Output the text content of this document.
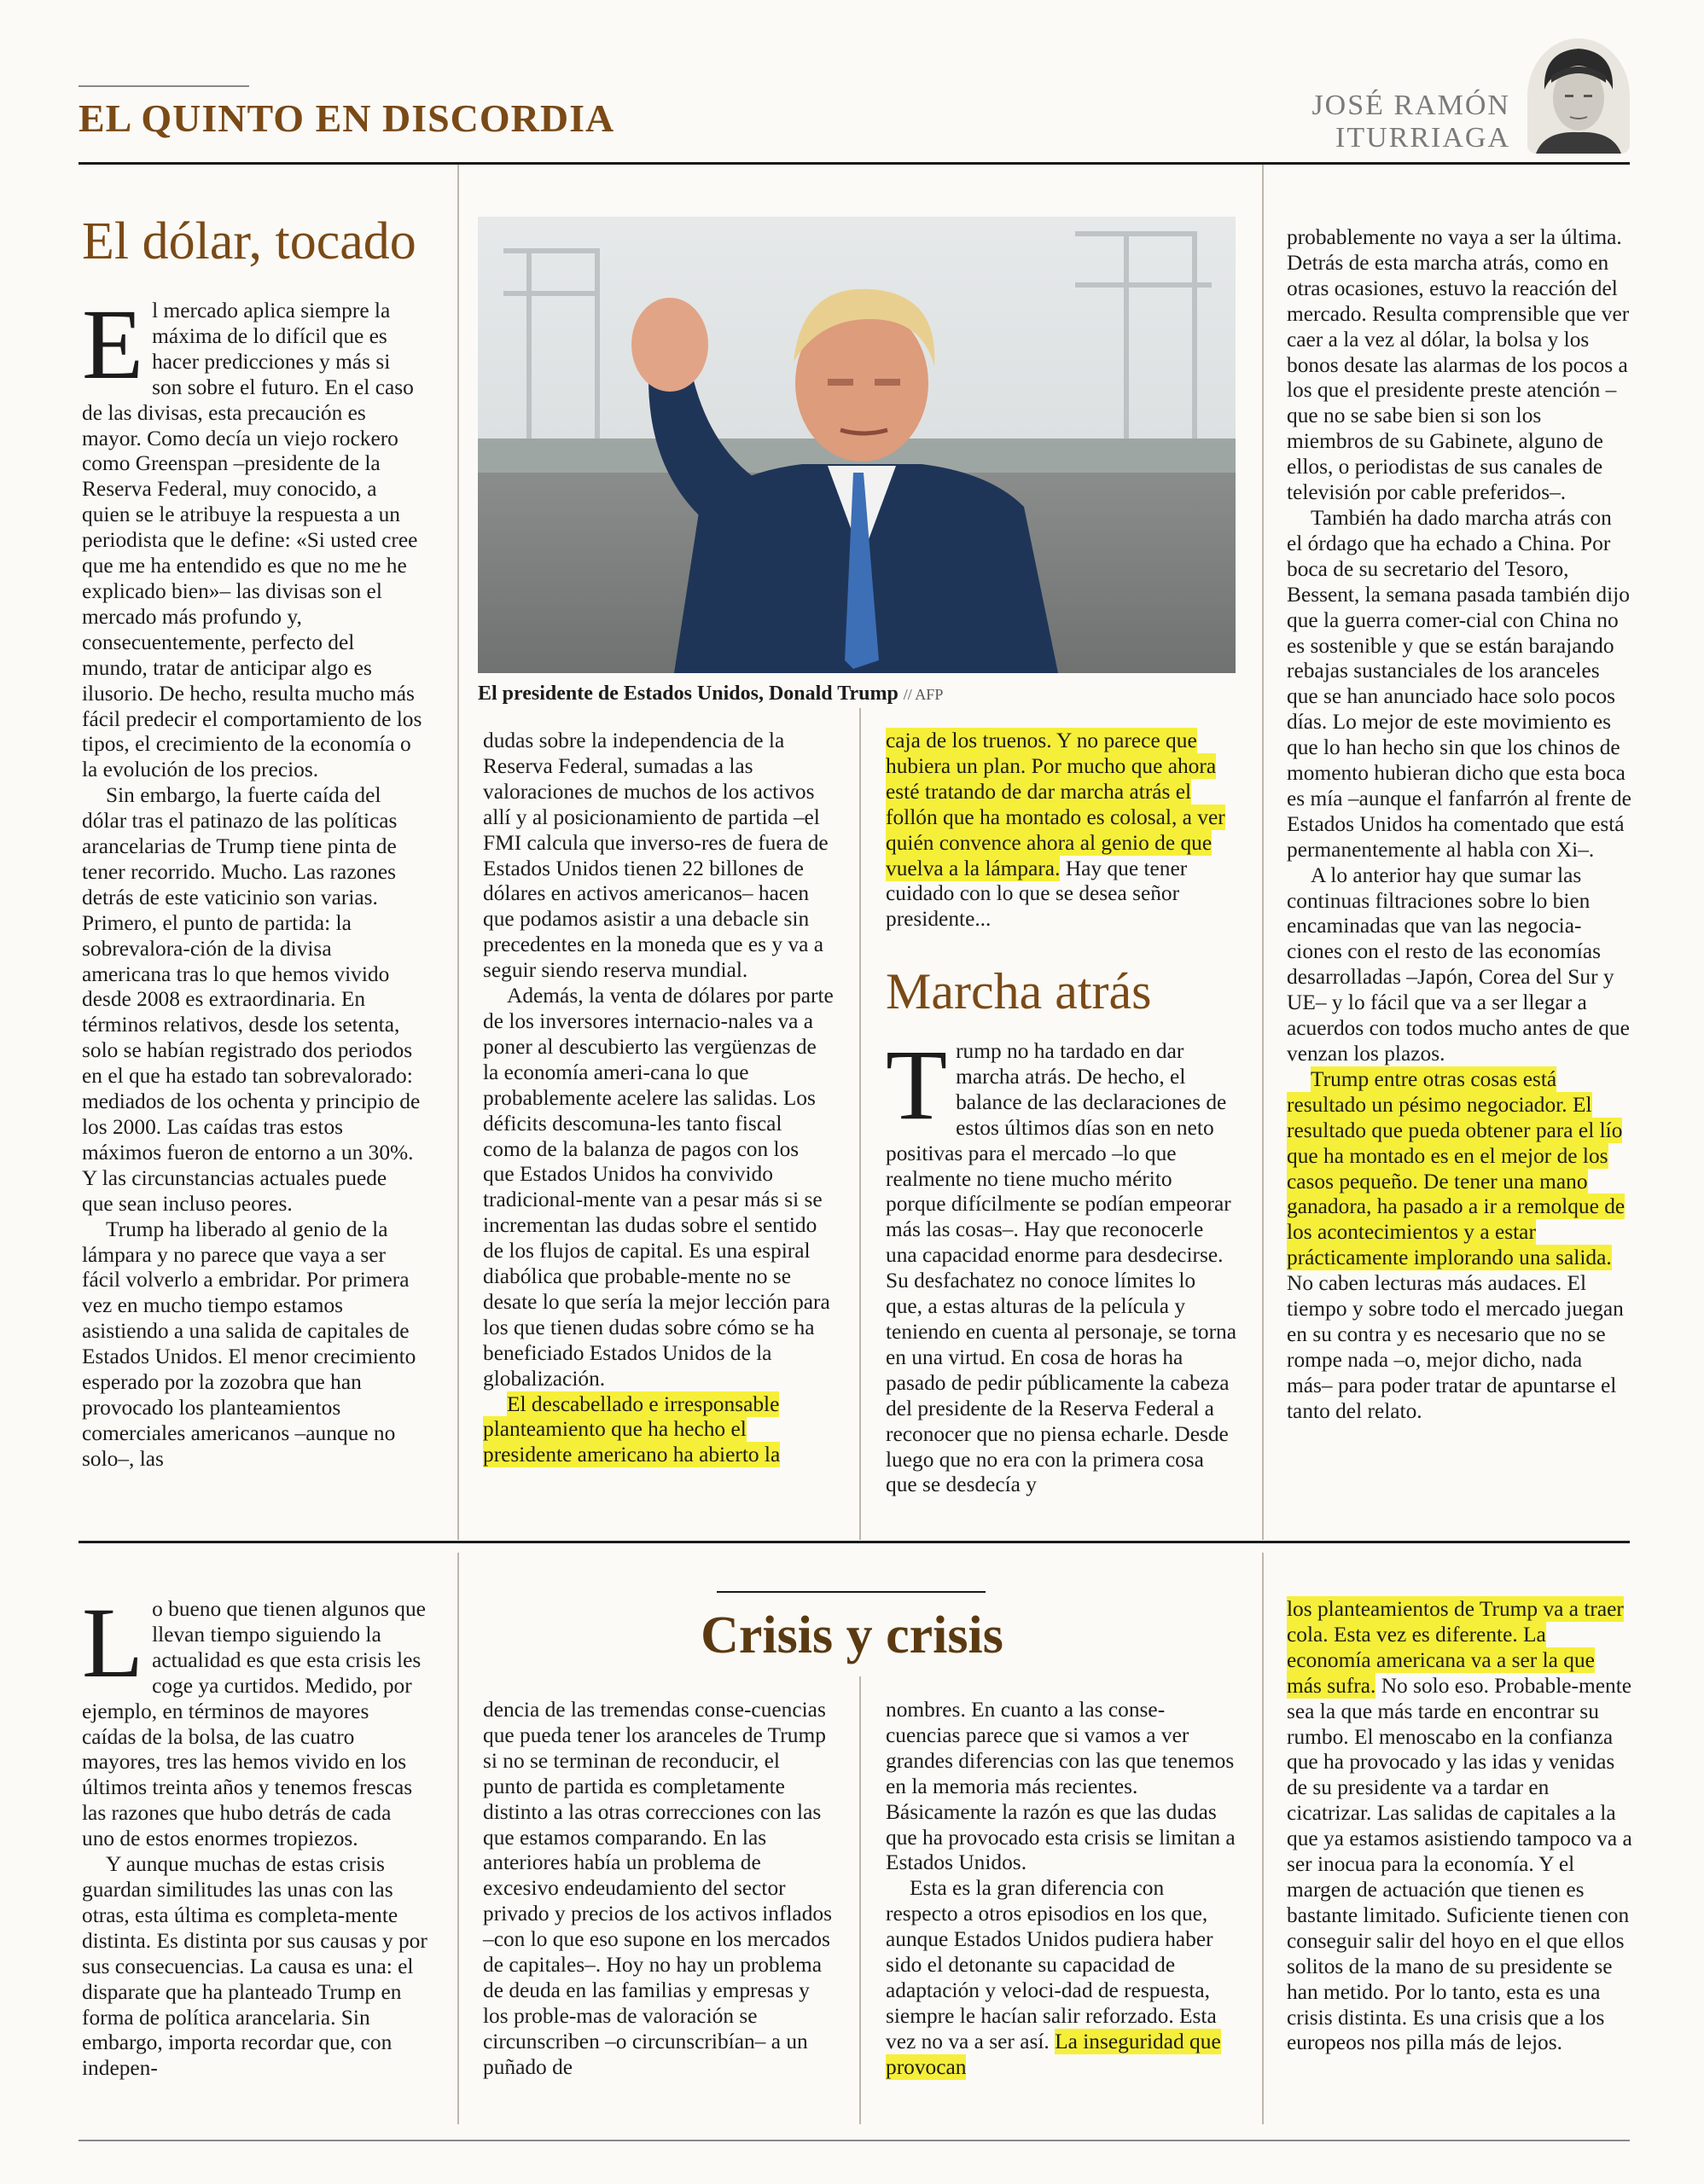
EL QUINTO EN DISCORDIA	JOSÉ RAMÓN
ITURRIAGA
El dólar, tocado

El mercado aplica siempre la máxima de lo difícil que es hacer predicciones y más si son sobre el futuro. En el caso de las divisas, esta precaución es mayor. Como decía un viejo rockero como Greenspan –presidente de la Reserva Federal, muy conocido, a quien se le atribuye la respuesta a un periodista que le define: «Si usted cree que me ha entendido es que no me he explicado bien»– las divisas son el mercado más profundo y, consecuentemente, perfecto del mundo, tratar de anticipar algo es ilusorio. De hecho, resulta mucho más fácil predecir el comportamiento de los tipos, el crecimiento de la economía o la evolución de los precios.

Sin embargo, la fuerte caída del dólar tras el patinazo de las políticas arancelarias de Trump tiene pinta de tener recorrido. Mucho. Las razones detrás de este vaticinio son varias. Primero, el punto de partida: la sobrevalora-ción de la divisa americana tras lo que hemos vivido desde 2008 es extraordinaria. En términos relativos, desde los setenta, solo se habían registrado dos periodos en el que ha estado tan sobrevalorado: mediados de los ochenta y principio de los 2000. Las caídas tras estos máximos fueron de entorno a un 30%. Y las circunstancias actuales puede que sean incluso peores.

Trump ha liberado al genio de la lámpara y no parece que vaya a ser fácil volverlo a embridar. Por primera vez en mucho tiempo estamos asistiendo a una salida de capitales de Estados Unidos. El menor crecimiento esperado por la zozobra que han provocado los planteamientos comerciales americanos –aunque no solo–, las

El presidente de Estados Unidos, Donald Trump // AFP

dudas sobre la independencia de la Reserva Federal, sumadas a las valoraciones de muchos de los activos allí y al posicionamiento de partida –el FMI calcula que inverso-res de fuera de Estados Unidos tienen 22 billones de dólares en activos americanos– hacen que podamos asistir a una debacle sin precedentes en la moneda que es y va a seguir siendo reserva mundial.

Además, la venta de dólares por parte de los inversores internacio-nales va a poner al descubierto las vergüenzas de la economía ameri-cana lo que probablemente acelere las salidas. Los déficits descomuna-les tanto fiscal como de la balanza de pagos con los que Estados Unidos ha convivido tradicional-mente van a pesar más si se incrementan las dudas sobre el sentido de los flujos de capital. Es una espiral diabólica que probable-mente no se desate lo que sería la mejor lección para los que tienen dudas sobre cómo se ha beneficiado Estados Unidos de la globalización.

El descabellado e irresponsable planteamiento que ha hecho el presidente americano ha abierto la

caja de los truenos. Y no parece que hubiera un plan. Por mucho que ahora esté tratando de dar marcha atrás el follón que ha montado es colosal, a ver quién convence ahora al genio de que vuelva a la lámpara. Hay que tener cuidado con lo que se desea señor presidente...

Marcha atrás

Trump no ha tardado en dar marcha atrás. De hecho, el balance de las declaraciones de estos últimos días son en neto positivas para el mercado –lo que realmente no tiene mucho mérito porque difícilmente se podían empeorar más las cosas–. Hay que reconocerle una capacidad enorme para desdecirse. Su desfachatez no conoce límites lo que, a estas alturas de la película y teniendo en cuenta al personaje, se torna en una virtud. En cosa de horas ha pasado de pedir públicamente la cabeza del presidente de la Reserva Federal a reconocer que no piensa echarle. Desde luego que no era con la primera cosa que se desdecía y

probablemente no vaya a ser la última. Detrás de esta marcha atrás, como en otras ocasiones, estuvo la reacción del mercado. Resulta comprensible que ver caer a la vez al dólar, la bolsa y los bonos desate las alarmas de los pocos a los que el presidente preste atención –que no se sabe bien si son los miembros de su Gabinete, alguno de ellos, o periodistas de sus canales de televisión por cable preferidos–.

También ha dado marcha atrás con el órdago que ha echado a China. Por boca de su secretario del Tesoro, Bessent, la semana pasada también dijo que la guerra comer-cial con China no es sostenible y que se están barajando rebajas sustanciales de los aranceles que se han anunciado hace solo pocos días. Lo mejor de este movimiento es que lo han hecho sin que los chinos de momento hubieran dicho que esta boca es mía –aunque el fanfarrón al frente de Estados Unidos ha comentado que está permanentemente al habla con Xi–.

A lo anterior hay que sumar las continuas filtraciones sobre lo bien encaminadas que van las negocia-ciones con el resto de las economías desarrolladas –Japón, Corea del Sur y UE– y lo fácil que va a ser llegar a acuerdos con todos mucho antes de que venzan los plazos.

Trump entre otras cosas está resultado un pésimo negociador. El resultado que pueda obtener para el lío que ha montado es en el mejor de los casos pequeño. De tener una mano ganadora, ha pasado a ir a remolque de los acontecimientos y a estar prácticamente implorando una salida. No caben lecturas más audaces. El tiempo y sobre todo el mercado juegan en su contra y es necesario que no se rompe nada –o, mejor dicho, nada más– para poder tratar de apuntarse el tanto del relato.

Crisis y crisis

Lo bueno que tienen algunos que llevan tiempo siguiendo la actualidad es que esta crisis les coge ya curtidos. Medido, por ejemplo, en términos de mayores caídas de la bolsa, de las cuatro mayores, tres las hemos vivido en los últimos treinta años y tenemos frescas las razones que hubo detrás de cada uno de estos enormes tropiezos.

Y aunque muchas de estas crisis guardan similitudes las unas con las otras, esta última es completa-mente distinta. Es distinta por sus causas y por sus consecuencias. La causa es una: el disparate que ha planteado Trump en forma de política arancelaria. Sin embargo, importa recordar que, con indepen-

dencia de las tremendas conse-cuencias que pueda tener los aranceles de Trump si no se terminan de reconducir, el punto de partida es completamente distinto a las otras correcciones con las que estamos comparando. En las anteriores había un problema de excesivo endeudamiento del sector privado y precios de los activos inflados –con lo que eso supone en los mercados de capitales–. Hoy no hay un problema de deuda en las familias y empresas y los proble-mas de valoración se circunscriben –o circunscribían– a un puñado de

nombres. En cuanto a las conse-cuencias parece que si vamos a ver grandes diferencias con las que tenemos en la memoria más recientes. Básicamente la razón es que las dudas que ha provocado esta crisis se limitan a Estados Unidos.

Esta es la gran diferencia con respecto a otros episodios en los que, aunque Estados Unidos pudiera haber sido el detonante su capacidad de adaptación y veloci-dad de respuesta, siempre le hacían salir reforzado. Esta vez no va a ser así. La inseguridad que provocan

los planteamientos de Trump va a traer cola. Esta vez es diferente. La economía americana va a ser la que más sufra. No solo eso. Probable-mente sea la que más tarde en encontrar su rumbo. El menoscabo en la confianza que ha provocado y las idas y venidas de su presidente va a tardar en cicatrizar. Las salidas de capitales a la que ya estamos asistiendo tampoco va a ser inocua para la economía. Y el margen de actuación que tienen es bastante limitado. Suficiente tienen con conseguir salir del hoyo en el que ellos solitos de la mano de su presidente se han metido. Por lo tanto, esta es una crisis distinta. Es una crisis que a los europeos nos pilla más de lejos.
